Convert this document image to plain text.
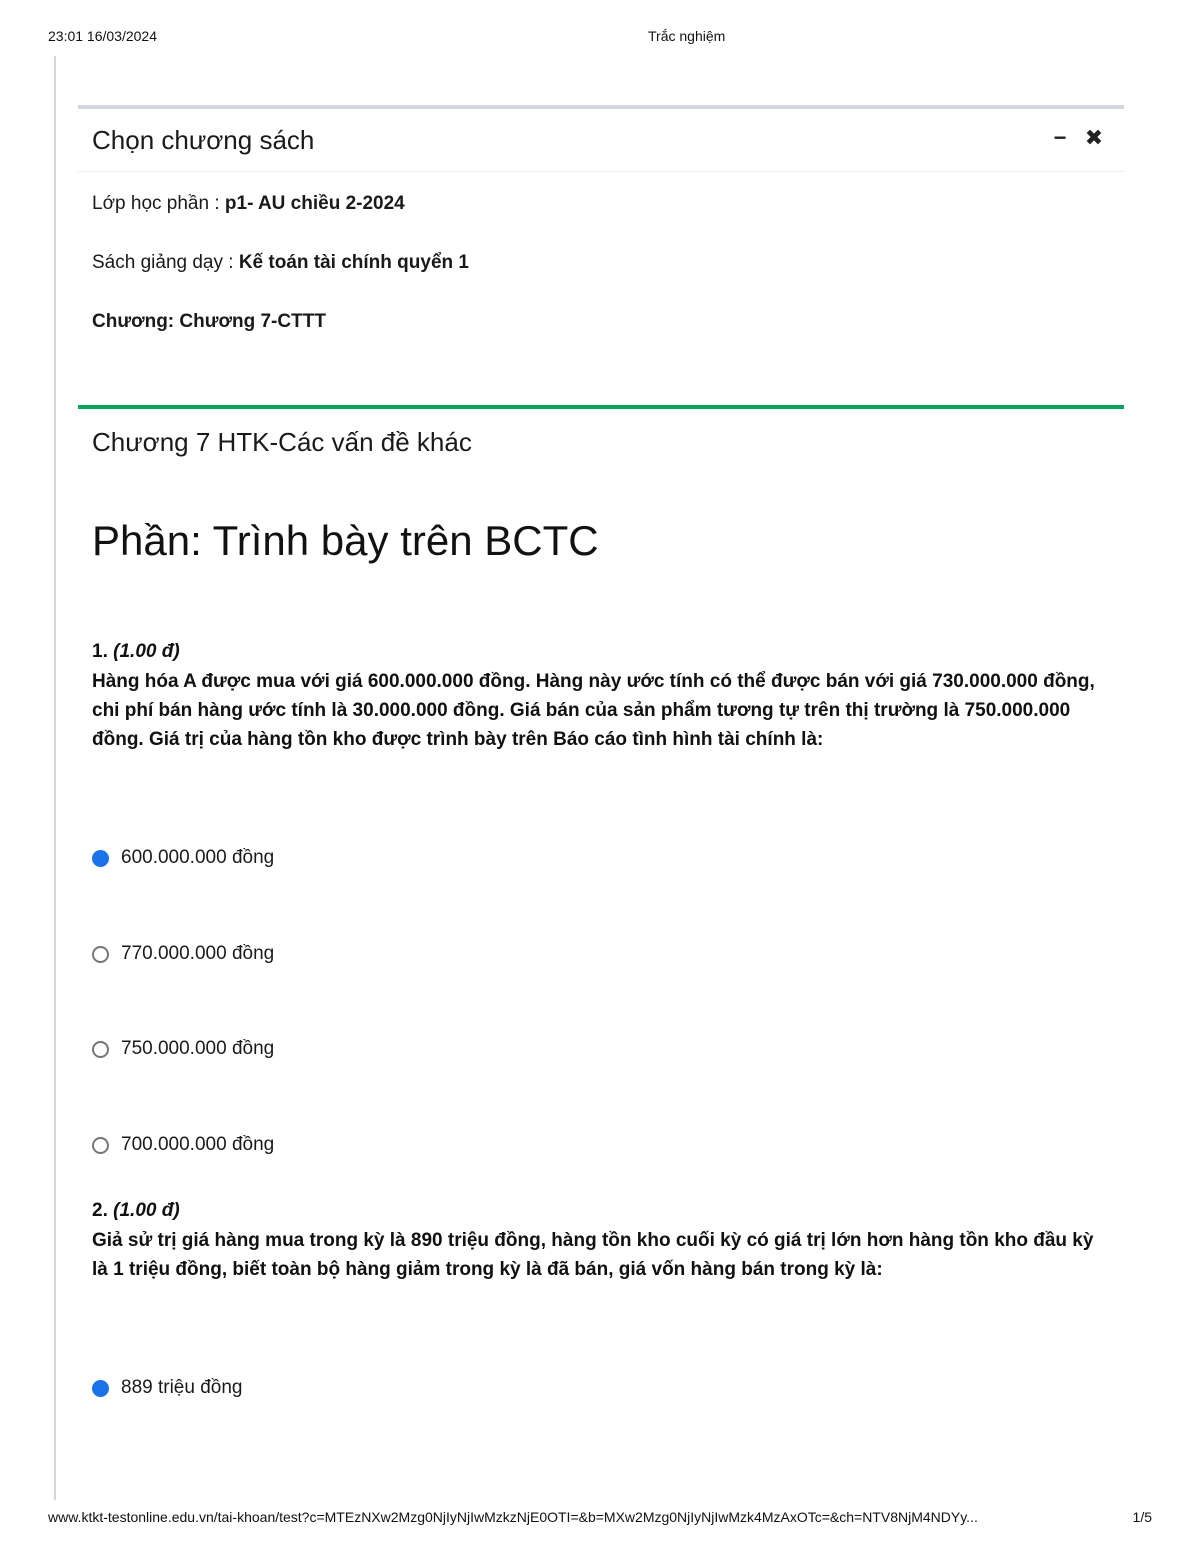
23:01 16/03/2024	Trắc nghiệm
Chọn chương sách	− ✖
Lớp học phần : p1- AU chiều 2-2024
Sách giảng dạy : Kế toán tài chính quyển 1
Chương: Chương 7-CTTT
Chương 7 HTK-Các vấn đề khác
Phần: Trình bày trên BCTC
1. (1.00 đ)
Hàng hóa A được mua với giá 600.000.000 đồng. Hàng này ước tính có thể được bán với giá 730.000.000 đồng, chi phí bán hàng ước tính là 30.000.000 đồng. Giá bán của sản phẩm tương tự trên thị trường là 750.000.000 đồng. Giá trị của hàng tồn kho được trình bày trên Báo cáo tình hình tài chính là:
600.000.000 đồng
770.000.000 đồng
750.000.000 đồng
700.000.000 đồng
2. (1.00 đ)
Giả sử trị giá hàng mua trong kỳ là 890 triệu đồng, hàng tồn kho cuối kỳ có giá trị lớn hơn hàng tồn kho đầu kỳ là 1 triệu đồng, biết toàn bộ hàng giảm trong kỳ là đã bán, giá vốn hàng bán trong kỳ là:
889 triệu đồng
www.ktkt-testonline.edu.vn/tai-khoan/test?c=MTEzNXw2Mzg0NjIyNjIwMzkzNjE0OTI=&b=MXw2Mzg0NjIyNjIwMzk4MzAxOTc=&ch=NTV8NjM4NDYy...	1/5
